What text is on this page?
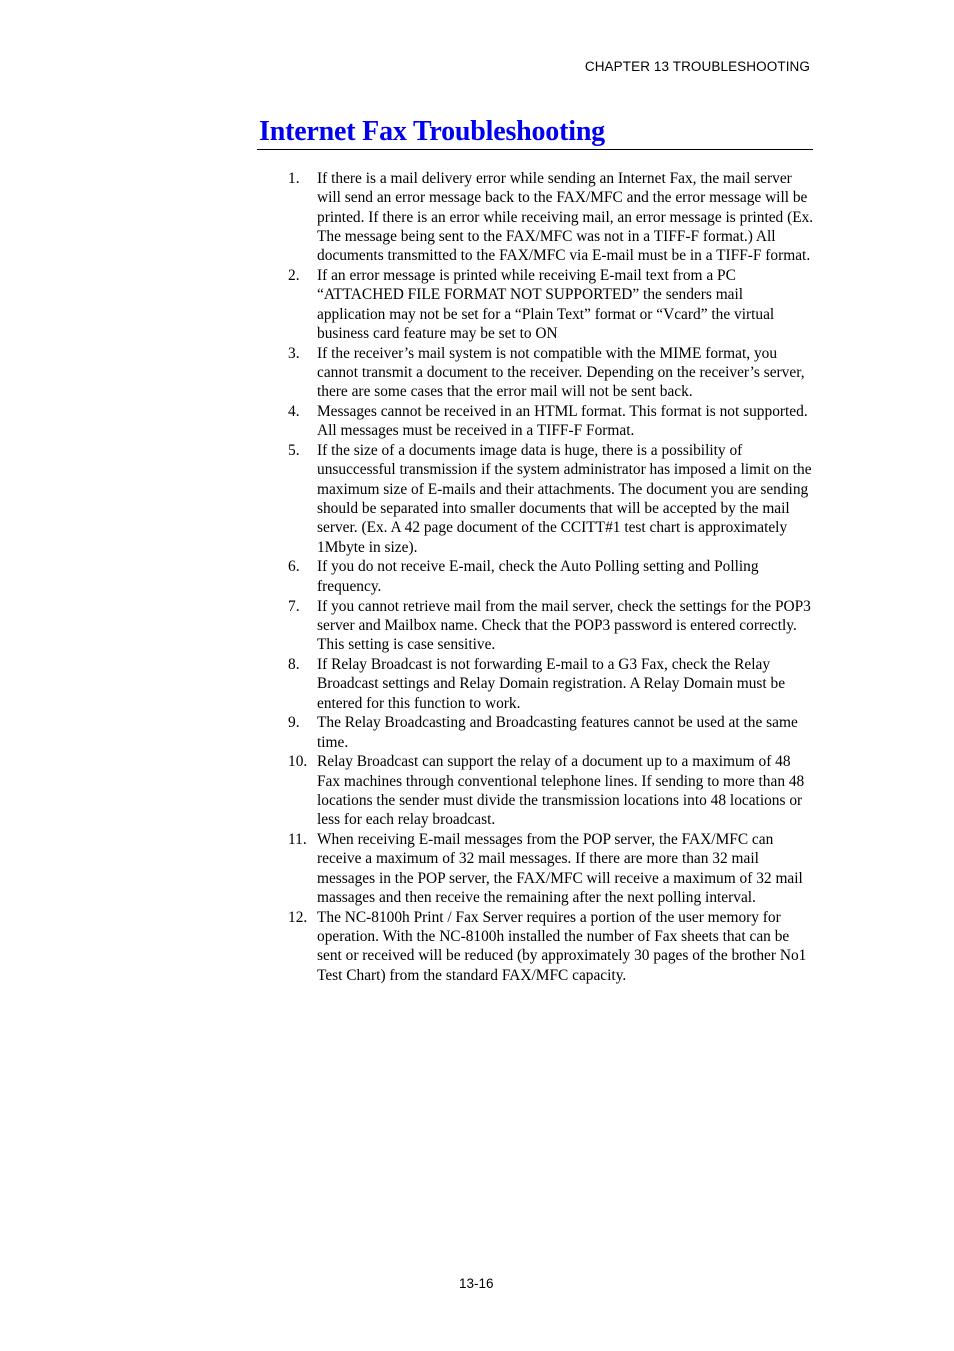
CHAPTER 13 TROUBLESHOOTING
Internet Fax Troubleshooting
1.	If there is a mail delivery error while sending an Internet Fax, the mail server will send an error message back to the FAX/MFC and the error message will be printed. If there is an error while receiving mail, an error message is printed (Ex. The message being sent to the FAX/MFC was not in a TIFF-F format.) All documents transmitted to the FAX/MFC via E-mail must be in a TIFF-F format.
2.	If an error message is printed while receiving E-mail text from a PC “ATTACHED FILE FORMAT NOT SUPPORTED” the senders mail application may not be set for a “Plain Text” format or “Vcard” the virtual business card feature may be set to ON
3.	If the receiver’s mail system is not compatible with the MIME format, you cannot transmit a document to the receiver. Depending on the receiver’s server, there are some cases that the error mail will not be sent back.
4.	Messages cannot be received in an HTML format. This format is not supported. All messages must be received in a TIFF-F Format.
5.	If the size of a documents image data is huge, there is a possibility of unsuccessful transmission if the system administrator has imposed a limit on the maximum size of E-mails and their attachments. The document you are sending should be separated into smaller documents that will be accepted by the mail server. (Ex. A 42 page document of the CCITT#1 test chart is approximately 1Mbyte in size).
6.	If you do not receive E-mail, check the Auto Polling setting and Polling frequency.
7.	If you cannot retrieve mail from the mail server, check the settings for the POP3 server and Mailbox name. Check that the POP3 password is entered correctly. This setting is case sensitive.
8.	If Relay Broadcast is not forwarding E-mail to a G3 Fax, check the Relay Broadcast settings and Relay Domain registration. A Relay Domain must be entered for this function to work.
9.	The Relay Broadcasting and Broadcasting features cannot be used at the same time.
10. Relay Broadcast can support the relay of a document up to a maximum of 48 Fax machines through conventional telephone lines. If sending to more than 48 locations the sender must divide the transmission locations into 48 locations or less for each relay broadcast.
11. When receiving E-mail messages from the POP server, the FAX/MFC can receive a maximum of 32 mail messages. If there are more than 32 mail messages in the POP server, the FAX/MFC will receive a maximum of 32 mail massages and then receive the remaining after the next polling interval.
12. The NC-8100h Print / Fax Server requires a portion of the user memory for operation. With the NC-8100h installed the number of Fax sheets that can be sent or received will be reduced (by approximately 30 pages of the brother No1 Test Chart) from the standard FAX/MFC capacity.
13-16
